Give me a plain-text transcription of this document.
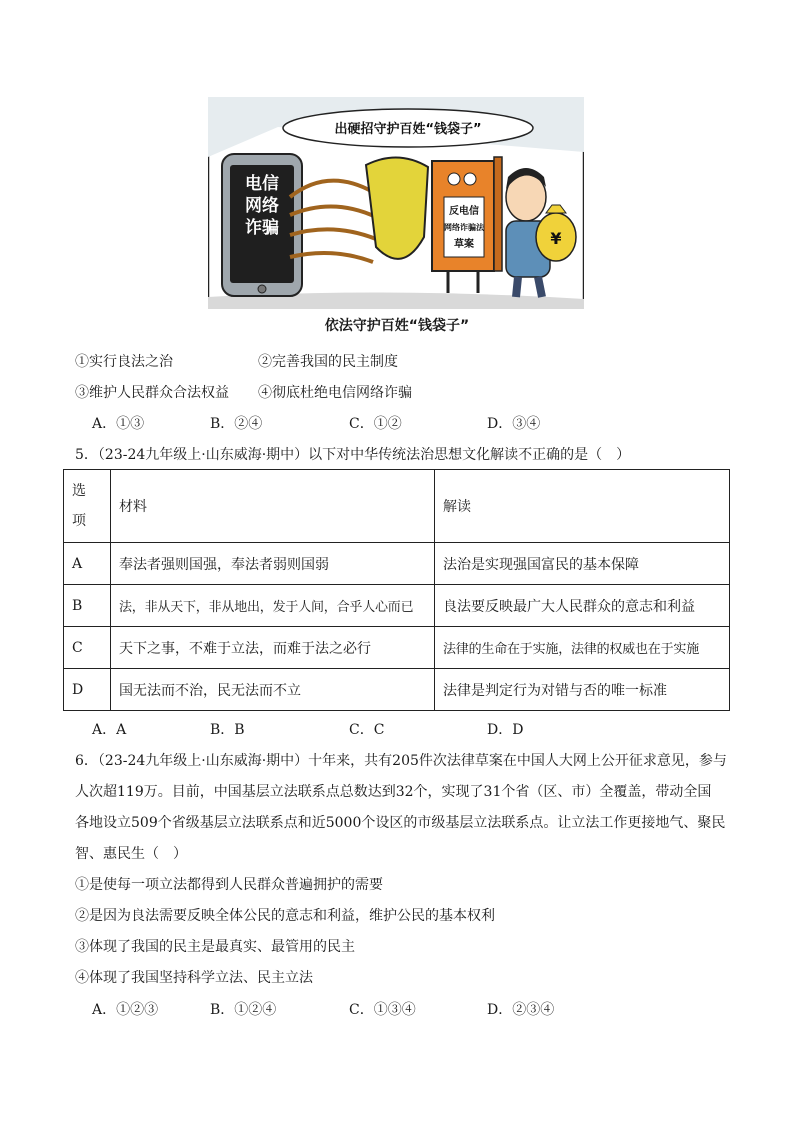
出硬招守护百姓“钱袋子”
电信
网络
诈骗
反电信
网络诈骗法
草案	¥
依法守护百姓“钱袋子”
①实行良法之治	②完善我国的民主制度
③维护人民群众合法权益 ④彻底杜绝电信网络诈骗
A．①③	B．②④	C．①②	D．③④
5．（23-24九年级上·山东威海·期中）以下对中华传统法治思想文化解读不正确的是（　）
选项	材料	解读
A	奉法者强则国强，奉法者弱则国弱	法治是实现强国富民的基本保障
B	法，非从天下，非从地出，发于人间，合乎人心而已	良法要反映最广大人民群众的意志和利益
C	天下之事，不难于立法，而难于法之必行	法律的生命在于实施，法律的权威也在于实施
D	国无法而不治，民无法而不立	法律是判定行为对错与否的唯一标准
A．A	B．B	C．C	D．D
6．（23-24九年级上·山东威海·期中）十年来，共有205件次法律草案在中国人大网上公开征求意见，参与
人次超119万。目前，中国基层立法联系点总数达到32个，实现了31个省（区、市）全覆盖，带动全国
各地设立509个省级基层立法联系点和近5000个设区的市级基层立法联系点。让立法工作更接地气、聚民
智、惠民生（　）
①是使每一项立法都得到人民群众普遍拥护的需要
②是因为良法需要反映全体公民的意志和利益，维护公民的基本权利
③体现了我国的民主是最真实、最管用的民主
④体现了我国坚持科学立法、民主立法
A．①②③	B．①②④	C．①③④	D．②③④
